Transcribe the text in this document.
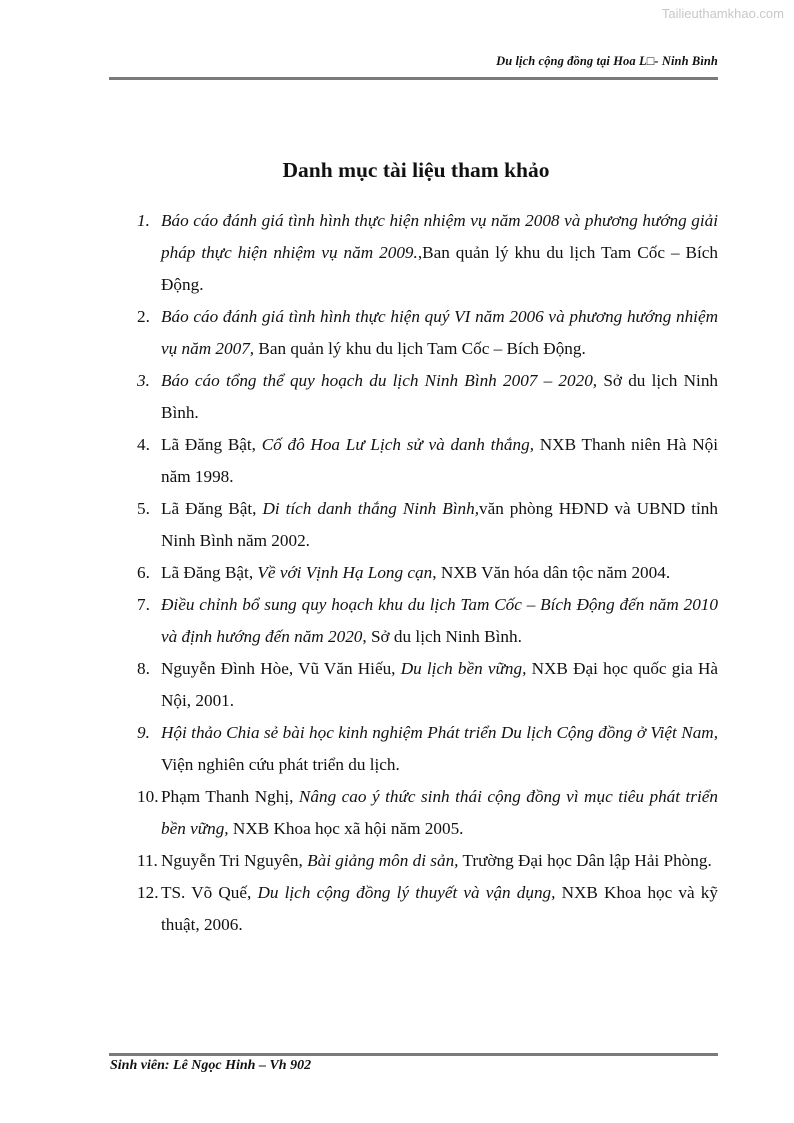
Tailieuthamkhao.com
Du lịch cộng đồng tại Hoa L□- Ninh Bình
Danh mục tài liệu tham khảo
1. Báo cáo đánh giá tình hình thực hiện nhiệm vụ năm 2008 và phương hướng giải pháp thực hiện nhiệm vụ năm 2009.,Ban quản lý khu du lịch Tam Cốc – Bích Động.
2. Báo cáo đánh giá tình hình thực hiện quý VI năm 2006 và phương hướng nhiệm vụ năm 2007, Ban quản lý khu du lịch Tam Cốc – Bích Động.
3. Báo cáo tổng thể quy hoạch du lịch Ninh Bình 2007 – 2020, Sở du lịch Ninh Bình.
4. Lã Đăng Bật, Cố đô Hoa Lư Lịch sử và danh thắng, NXB Thanh niên Hà Nội năm 1998.
5. Lã Đăng Bật, Di tích danh thắng Ninh Bình,văn phòng HĐND và UBND tỉnh Ninh Bình năm 2002.
6. Lã Đăng Bật, Về với Vịnh Hạ Long cạn, NXB Văn hóa dân tộc năm 2004.
7. Điều chỉnh bổ sung quy hoạch khu du lịch Tam Cốc – Bích Động đến năm 2010 và định hướng đến năm 2020, Sở du lịch Ninh Bình.
8. Nguyễn Đình Hòe, Vũ Văn Hiếu, Du lịch bền vững, NXB Đại học quốc gia Hà Nội, 2001.
9. Hội thảo Chia sẻ bài học kinh nghiệm Phát triển Du lịch Cộng đồng ở Việt Nam, Viện nghiên cứu phát triển du lịch.
10. Phạm Thanh Nghị, Nâng cao ý thức sinh thái cộng đồng vì mục tiêu phát triển bền vững, NXB Khoa học xã hội năm 2005.
11. Nguyễn Tri Nguyên, Bài giảng môn di sản, Trường Đại học Dân lập Hải Phòng.
12. TS. Võ Quế, Du lịch cộng đồng lý thuyết và vận dụng, NXB Khoa học và kỹ thuật, 2006.
Sinh viên: Lê Ngọc Hinh – Vh 902
